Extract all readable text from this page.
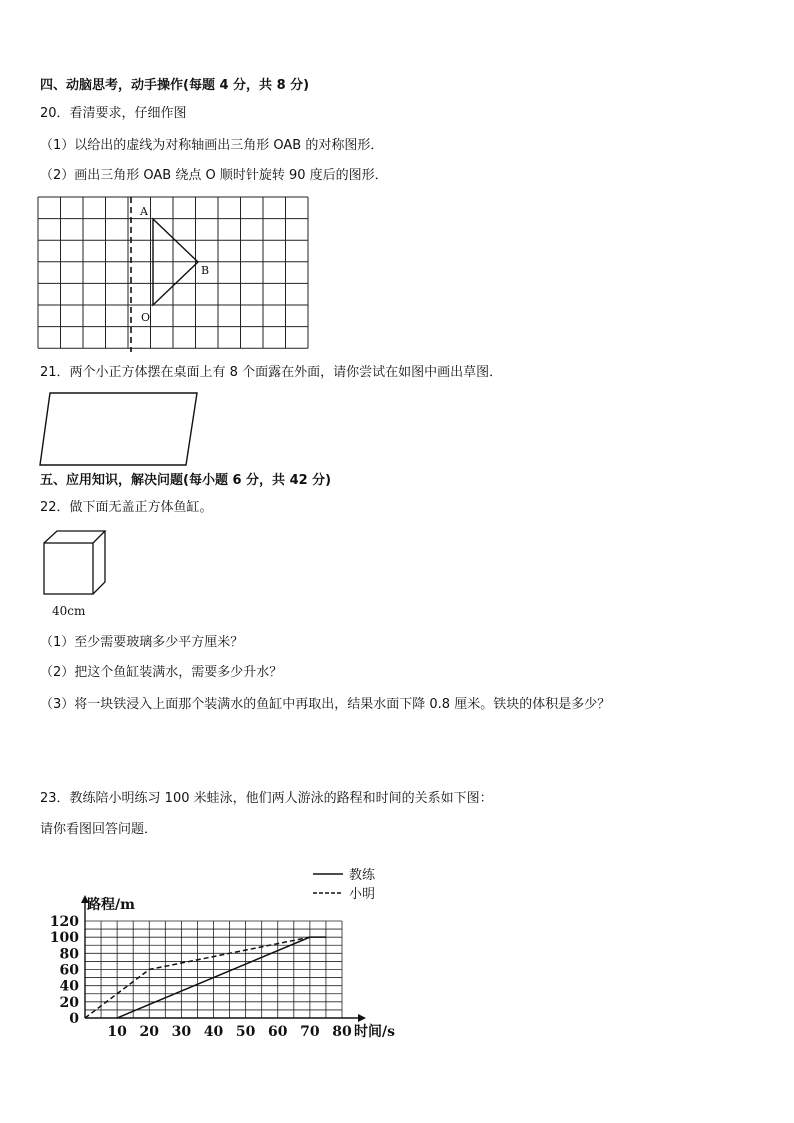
四、动脑思考，动手操作(每题 4 分，共 8 分)
20．看清要求，仔细作图
（1）以给出的虚线为对称轴画出三角形 OAB 的对称图形．
（2）画出三角形 OAB 绕点 O 顺时针旋转 90 度后的图形．
A
B
O
21．两个小正方体摆在桌面上有 8 个面露在外面，请你尝试在如图中画出草图．
五、应用知识，解决问题(每小题 6 分，共 42 分)
22．做下面无盖正方体鱼缸。
40cm
（1）至少需要玻璃多少平方厘米？
（2）把这个鱼缸装满水，需要多少升水？
（3）将一块铁浸入上面那个装满水的鱼缸中再取出，结果水面下降 0.8 厘米。铁块的体积是多少？
23．教练陪小明练习 100 米蛙泳，他们两人游泳的路程和时间的关系如下图：
请你看图回答问题．
10 20 30 40 50 60 70 80
0
20
40
60
80
100
120
教练
小明
路程/m
时间/s
